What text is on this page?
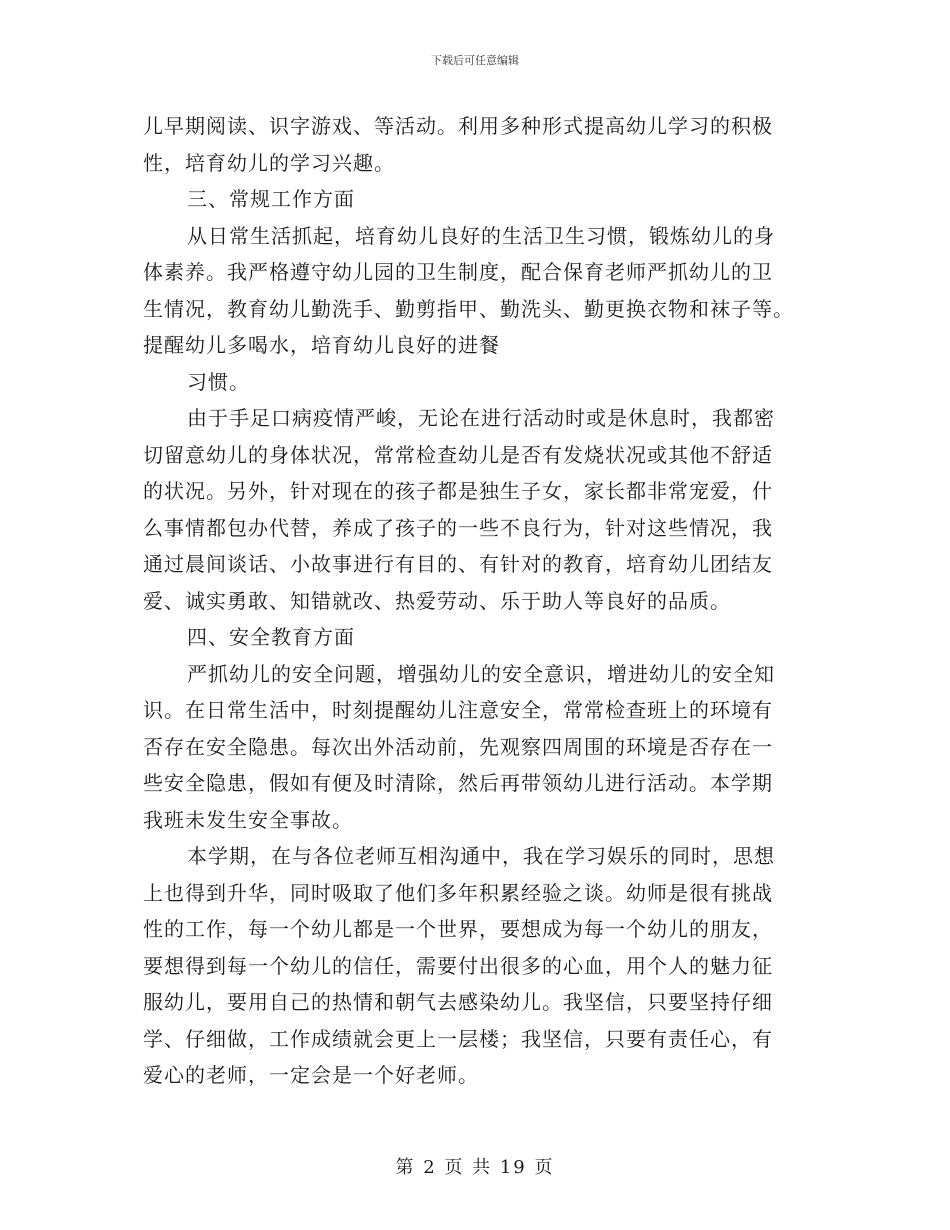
下载后可任意编辑
儿早期阅读、识字游戏、等活动。利用多种形式提高幼儿学习的积极
性，培育幼儿的学习兴趣。
三、常规工作方面
从日常生活抓起，培育幼儿良好的生活卫生习惯，锻炼幼儿的身
体素养。我严格遵守幼儿园的卫生制度，配合保育老师严抓幼儿的卫
生情况，教育幼儿勤洗手、勤剪指甲、勤洗头、勤更换衣物和袜子等。
提醒幼儿多喝水，培育幼儿良好的进餐
习惯。
由于手足口病疫情严峻，无论在进行活动时或是休息时，我都密
切留意幼儿的身体状况，常常检查幼儿是否有发烧状况或其他不舒适
的状况。另外，针对现在的孩子都是独生子女，家长都非常宠爱，什
么事情都包办代替，养成了孩子的一些不良行为，针对这些情况，我
通过晨间谈话、小故事进行有目的、有针对的教育，培育幼儿团结友
爱、诚实勇敢、知错就改、热爱劳动、乐于助人等良好的品质。
四、安全教育方面
严抓幼儿的安全问题，增强幼儿的安全意识，增进幼儿的安全知
识。在日常生活中，时刻提醒幼儿注意安全，常常检查班上的环境有
否存在安全隐患。每次出外活动前，先观察四周围的环境是否存在一
些安全隐患，假如有便及时清除，然后再带领幼儿进行活动。本学期
我班未发生安全事故。
本学期，在与各位老师互相沟通中，我在学习娱乐的同时，思想
上也得到升华，同时吸取了他们多年积累经验之谈。幼师是很有挑战
性的工作，每一个幼儿都是一个世界，要想成为每一个幼儿的朋友，
要想得到每一个幼儿的信任，需要付出很多的心血，用个人的魅力征
服幼儿，要用自己的热情和朝气去感染幼儿。我坚信，只要坚持仔细
学、仔细做，工作成绩就会更上一层楼；我坚信，只要有责任心，有
爱心的老师，一定会是一个好老师。
第 2 页 共 19 页
